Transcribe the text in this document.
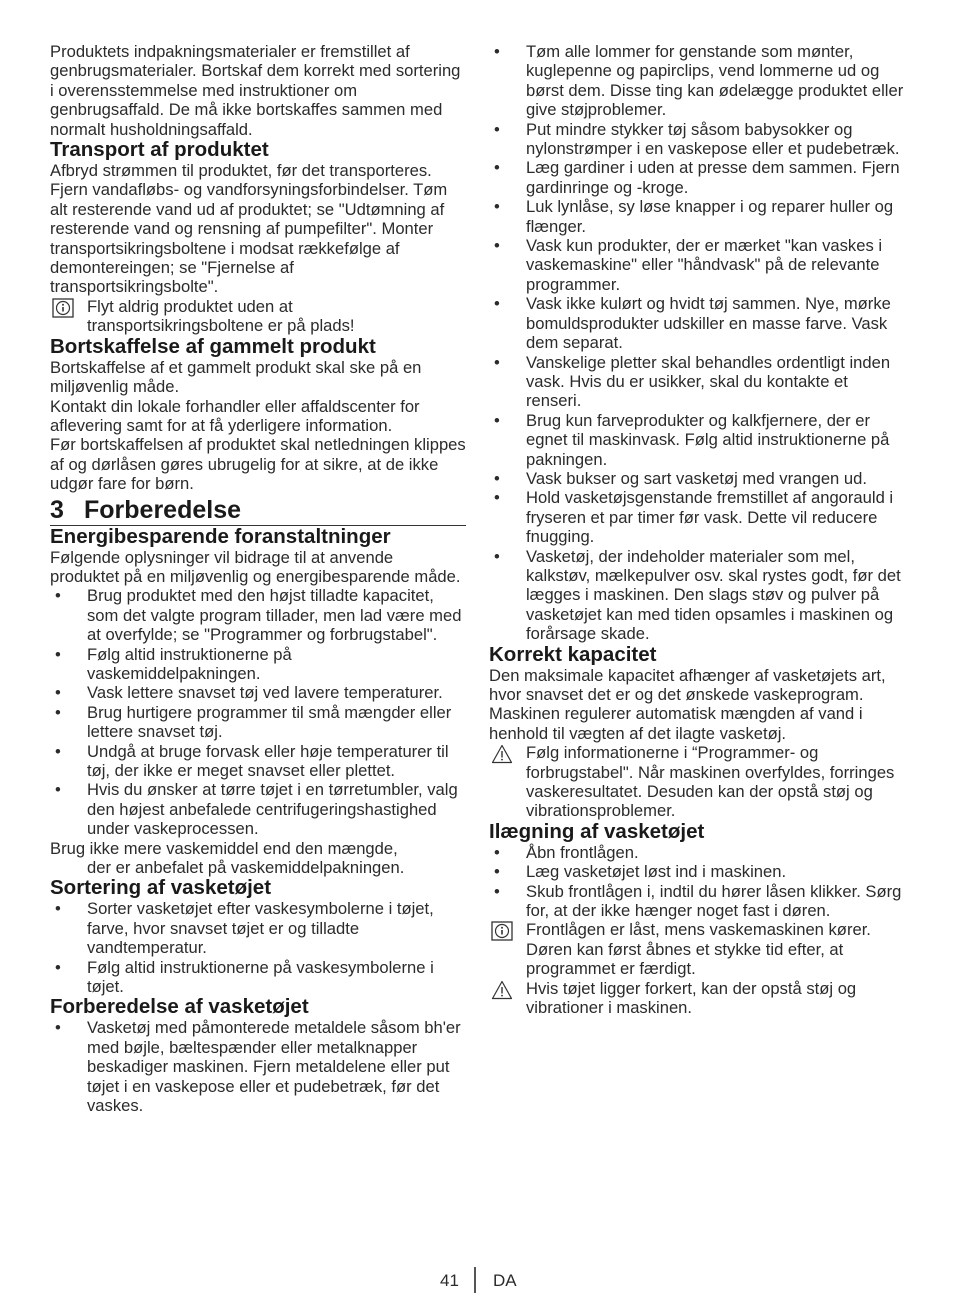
Produktets indpakningsmaterialer er fremstillet af genbrugsmaterialer. Bortskaf dem korrekt med sortering i overensstemmelse med instruktioner om genbrugsaffald. De må ikke bortskaffes sammen med normalt husholdningsaffald.

Transport af produktet

Afbryd strømmen til produktet, før det transporteres. Fjern vandafløbs- og vandforsyningsforbindelser. Tøm alt resterende vand ud af produktet; se "Udtømning af resterende vand og rensning af pumpefilter". Monter transportsikringsboltene i modsat rækkefølge af demontereingen; se "Fjernelse af transportsikringsbolte".

Flyt aldrig produktet uden at transportsikringsboltene er på plads!
Bortskaffelse af gammelt produkt

Bortskaffelse af et gammelt produkt skal ske på en miljøvenlig måde.

Kontakt din lokale forhandler eller affaldscenter for aflevering samt for at få yderligere information.

Før bortskaffelsen af produktet skal netledningen klippes af og dørlåsen gøres ubrugelig for at sikre, at de ikke udgør fare for børn.

3 Forberedelse
Energibesparende foranstaltninger

Følgende oplysninger vil bidrage til at anvende produktet på en miljøvenlig og energibesparende måde.

• Brug produktet med den højst tilladte kapacitet, som det valgte program tillader, men lad være med at overfylde; se "Programmer og forbrugstabel".
• Følg altid instruktionerne på vaskemiddelpakningen.
• Vask lettere snavset tøj ved lavere temperaturer.
• Brug hurtigere programmer til små mængder eller lettere snavset tøj.
• Undgå at bruge forvask eller høje temperaturer til tøj, der ikke er meget snavset eller plettet.
• Hvis du ønsker at tørre tøjet i en tørretumbler, valg den højest anbefalede centrifugeringshastighed under vaskeprocessen.

Brug ikke mere vaskemiddel end den mængde,

der er anbefalet på vaskemiddelpakningen.

Sortering af vasketøjet
• Sorter vasketøjet efter vaskesymbolerne i tøjet, farve, hvor snavset tøjet er og tilladte vandtemperatur.
• Følg altid instruktionerne på vaskesymbolerne i tøjet.
Forberedelse af vasketøjet
• Vasketøj med påmonterede metaldele såsom bh'er med bøjle, bæltespænder eller metalknapper beskadiger maskinen. Fjern metaldelene eller put tøjet i en vaskepose eller et pudebetræk, før det vaskes.
• Tøm alle lommer for genstande som mønter, kuglepenne og papirclips, vend lommerne ud og børst dem. Disse ting kan ødelægge produktet eller give støjproblemer.
• Put mindre stykker tøj såsom babysokker og nylonstrømper i en vaskepose eller et pudebetræk.
• Læg gardiner i uden at presse dem sammen. Fjern gardinringe og -kroge.
• Luk lynlåse, sy løse knapper i og reparer huller og flænger.
• Vask kun produkter, der er mærket "kan vaskes i vaskemaskine" eller "håndvask" på de relevante programmer.
• Vask ikke kulørt og hvidt tøj sammen. Nye, mørke bomuldsprodukter udskiller en masse farve. Vask dem separat.
• Vanskelige pletter skal behandles ordentligt inden vask. Hvis du er usikker, skal du kontakte et renseri.
• Brug kun farveprodukter og kalkfjernere, der er egnet til maskinvask. Følg altid instruktionerne på pakningen.
• Vask bukser og sart vasketøj med vrangen ud.
• Hold vasketøjsgenstande fremstillet af angorauld i fryseren et par timer før vask. Dette vil reducere fnugging.
• Vasketøj, der indeholder materialer som mel, kalkstøv, mælkepulver osv. skal rystes godt, før det lægges i maskinen. Den slags støv og pulver på vasketøjet kan med tiden opsamles i maskinen og forårsage skade.
Korrekt kapacitet

Den maksimale kapacitet afhænger af vasketøjets art, hvor snavset det er og det ønskede vaskeprogram.

Maskinen regulerer automatisk mængden af vand i henhold til vægten af det ilagte vasketøj.

Følg informationerne i “Programmer- og forbrugstabel". Når maskinen overfyldes, forringes vaskeresultatet. Desuden kan der opstå støj og vibrationsproblemer.
Ilægning af vasketøjet
• Åbn frontlågen.
• Læg vasketøjet løst ind i maskinen.
• Skub frontlågen i, indtil du hører låsen klikker. Sørg for, at der ikke hænger noget fast i døren.
Frontlågen er låst, mens vaskemaskinen kører. Døren kan først åbnes et stykke tid efter, at programmet er færdigt.
Hvis tøjet ligger forkert, kan der opstå støj og vibrationer i maskinen.
41 DA
